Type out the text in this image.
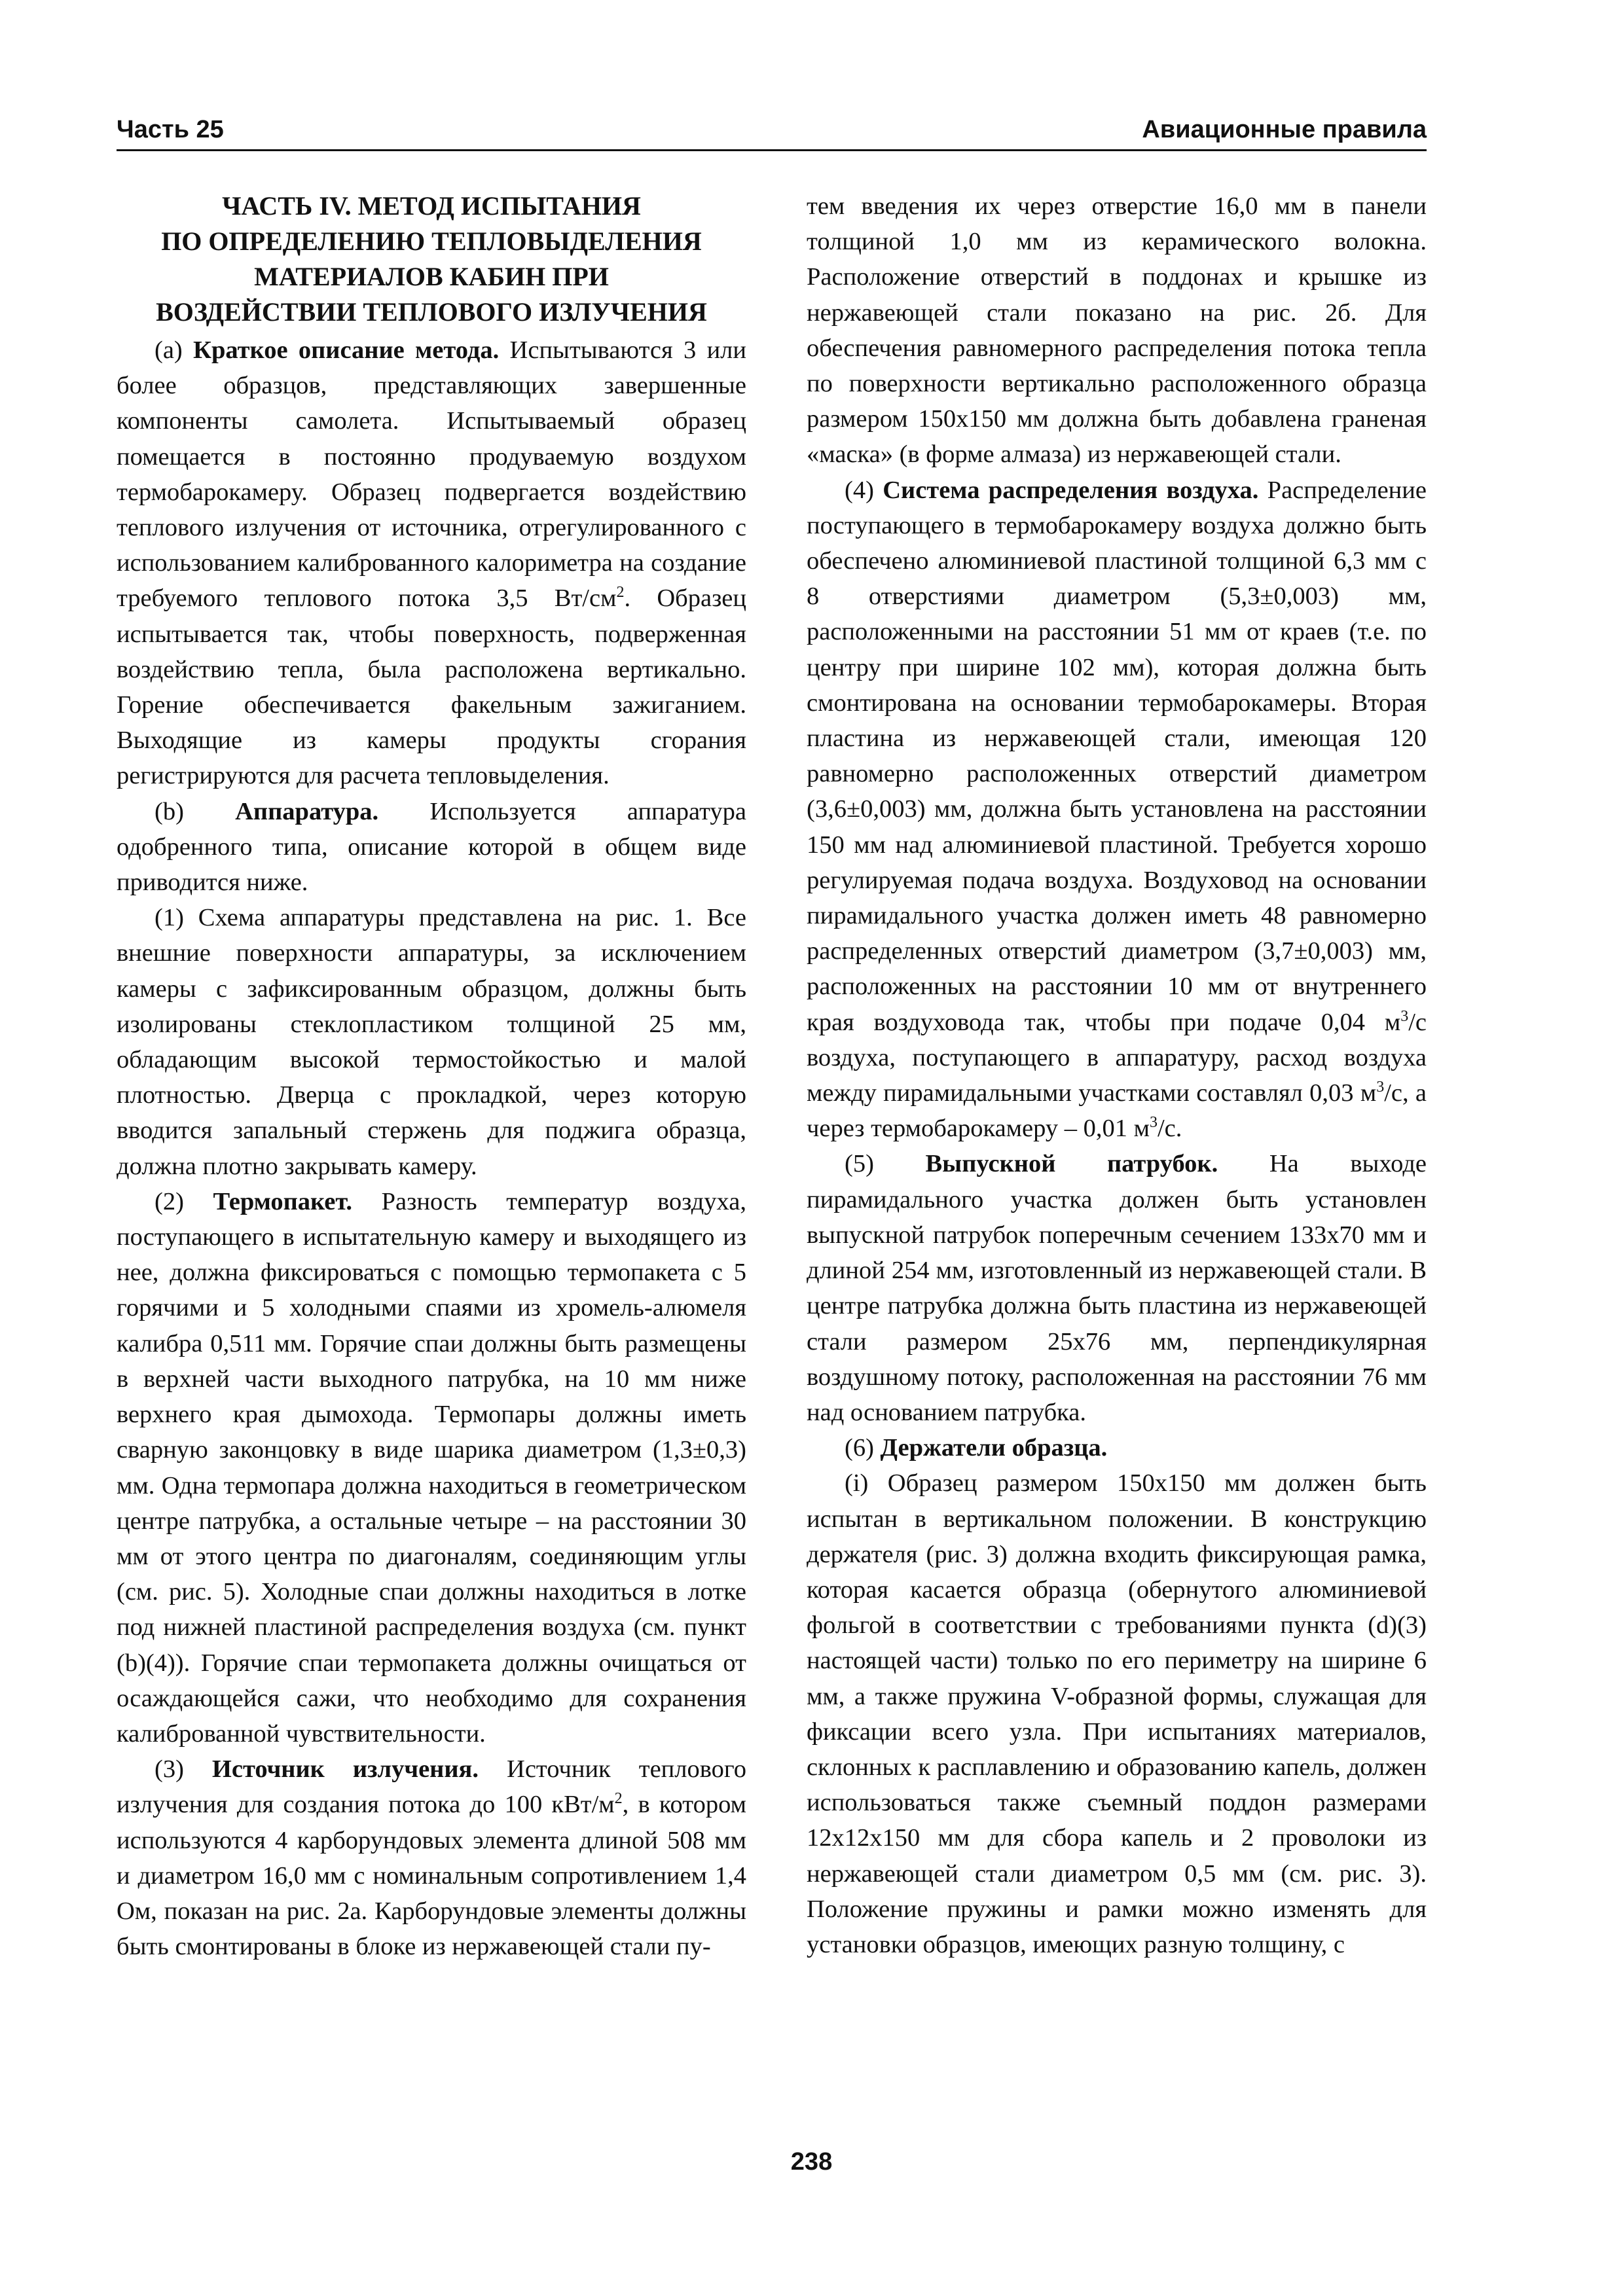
Часть 25	Авиационные правила
ЧАСТЬ IV. МЕТОД ИСПЫТАНИЯ
ПО ОПРЕДЕЛЕНИЮ ТЕПЛОВЫДЕЛЕНИЯ
МАТЕРИАЛОВ КАБИН ПРИ
ВОЗДЕЙСТВИИ ТЕПЛОВОГО ИЗЛУЧЕНИЯ

(a) Краткое описание метода. Испытываются 3 или более образцов, представляющих завершенные компоненты самолета. Испытываемый образец помещается в постоянно продуваемую воздухом термобарокамеру. Образец подвергается воздействию теплового излучения от источника, отрегулированного с использованием калиброванного калориметра на создание требуемого теплового потока 3,5 $Вт/см^2$. Образец испытывается так, чтобы поверхность, подверженная воздействию тепла, была расположена вертикально. Горение обеспечивается факельным зажиганием. Выходящие из камеры продукты сгорания регистрируются для расчета тепловыделения.

(b) Аппаратура. Используется аппаратура одобренного типа, описание которой в общем виде приводится ниже.

(1) Схема аппаратуры представлена на рис. 1. Все внешние поверхности аппаратуры, за исключением камеры с зафиксированным образцом, должны быть изолированы стеклопластиком толщиной 25 мм, обладающим высокой термостойкостью и малой плотностью. Дверца с прокладкой, через которую вводится запальный стержень для поджига образца, должна плотно закрывать камеру.

(2) Термопакет. Разность температур воздуха, поступающего в испытательную камеру и выходящего из нее, должна фиксироваться с помощью термопакета с 5 горячими и 5 холодными спаями из хромель-алюмеля калибра 0,511 мм. Горячие спаи должны быть размещены в верхней части выходного патрубка, на 10 мм ниже верхнего края дымохода. Термопары должны иметь сварную законцовку в виде шарика диаметром (1,3±0,3) мм. Одна термопара должна находиться в геометрическом центре патрубка, а остальные четыре – на расстоянии 30 мм от этого центра по диагоналям, соединяющим углы (см. рис. 5). Холодные спаи должны находиться в лотке под нижней пластиной распределения воздуха (см. пункт (b)(4)). Горячие спаи термопакета должны очищаться от осаждающейся сажи, что необходимо для сохранения калиброванной чувствительности.

(3) Источник излучения. Источник теплового излучения для создания потока до 100 кВт/$м^2$, в котором используются 4 карборундовых элемента длиной 508 мм и диаметром 16,0 мм с номинальным сопротивлением 1,4 Ом, показан на рис. 2а. Карборундовые элементы должны быть смонтированы в блоке из нержавеющей стали пу-

тем введения их через отверстие 16,0 мм в панели толщиной 1,0 мм из керамического волокна. Расположение отверстий в поддонах и крышке из нержавеющей стали показано на рис. 2б. Для обеспечения равномерного распределения потока тепла по поверхности вертикально расположенного образца размером 150х150 мм должна быть добавлена граненая «маска» (в форме алмаза) из нержавеющей стали.

(4) Система распределения воздуха. Распределение поступающего в термобарокамеру воздуха должно быть обеспечено алюминиевой пластиной толщиной 6,3 мм с 8 отверстиями диаметром (5,3±0,003) мм, расположенными на расстоянии 51 мм от краев (т.е. по центру при ширине 102 мм), которая должна быть смонтирована на основании термобарокамеры. Вторая пластина из нержавеющей стали, имеющая 120 равномерно расположенных отверстий диаметром (3,6±0,003) мм, должна быть установлена на расстоянии 150 мм над алюминиевой пластиной. Требуется хорошо регулируемая подача воздуха. Воздуховод на основании пирамидального участка должен иметь 48 равномерно распределенных отверстий диаметром (3,7±0,003) мм, расположенных на расстоянии 10 мм от внутреннего края воздуховода так, чтобы при подаче 0,04 $м^3/с$ воздуха, поступающего в аппаратуру, расход воздуха между пирамидальными участками составлял 0,03 $м^3/с$, а через термобарокамеру – 0,01 $м^3/с$.

(5) Выпускной патрубок. На выходе пирамидального участка должен быть установлен выпускной патрубок поперечным сечением 133х70 мм и длиной 254 мм, изготовленный из нержавеющей стали. В центре патрубка должна быть пластина из нержавеющей стали размером 25х76 мм, перпендикулярная воздушному потоку, расположенная на расстоянии 76 мм над основанием патрубка.

(6) Держатели образца.

(i) Образец размером 150х150 мм должен быть испытан в вертикальном положении. В конструкцию держателя (рис. 3) должна входить фиксирующая рамка, которая касается образца (обернутого алюминиевой фольгой в соответствии с требованиями пункта (d)(3) настоящей части) только по его периметру на ширине 6 мм, а также пружина V-образной формы, служащая для фиксации всего узла. При испытаниях материалов, склонных к расплавлению и образованию капель, должен использоваться также съемный поддон размерами 12х12х150 мм для сбора капель и 2 проволоки из нержавеющей стали диаметром 0,5 мм (см. рис. 3). Положение пружины и рамки можно изменять для установки образцов, имеющих разную толщину, с

238
